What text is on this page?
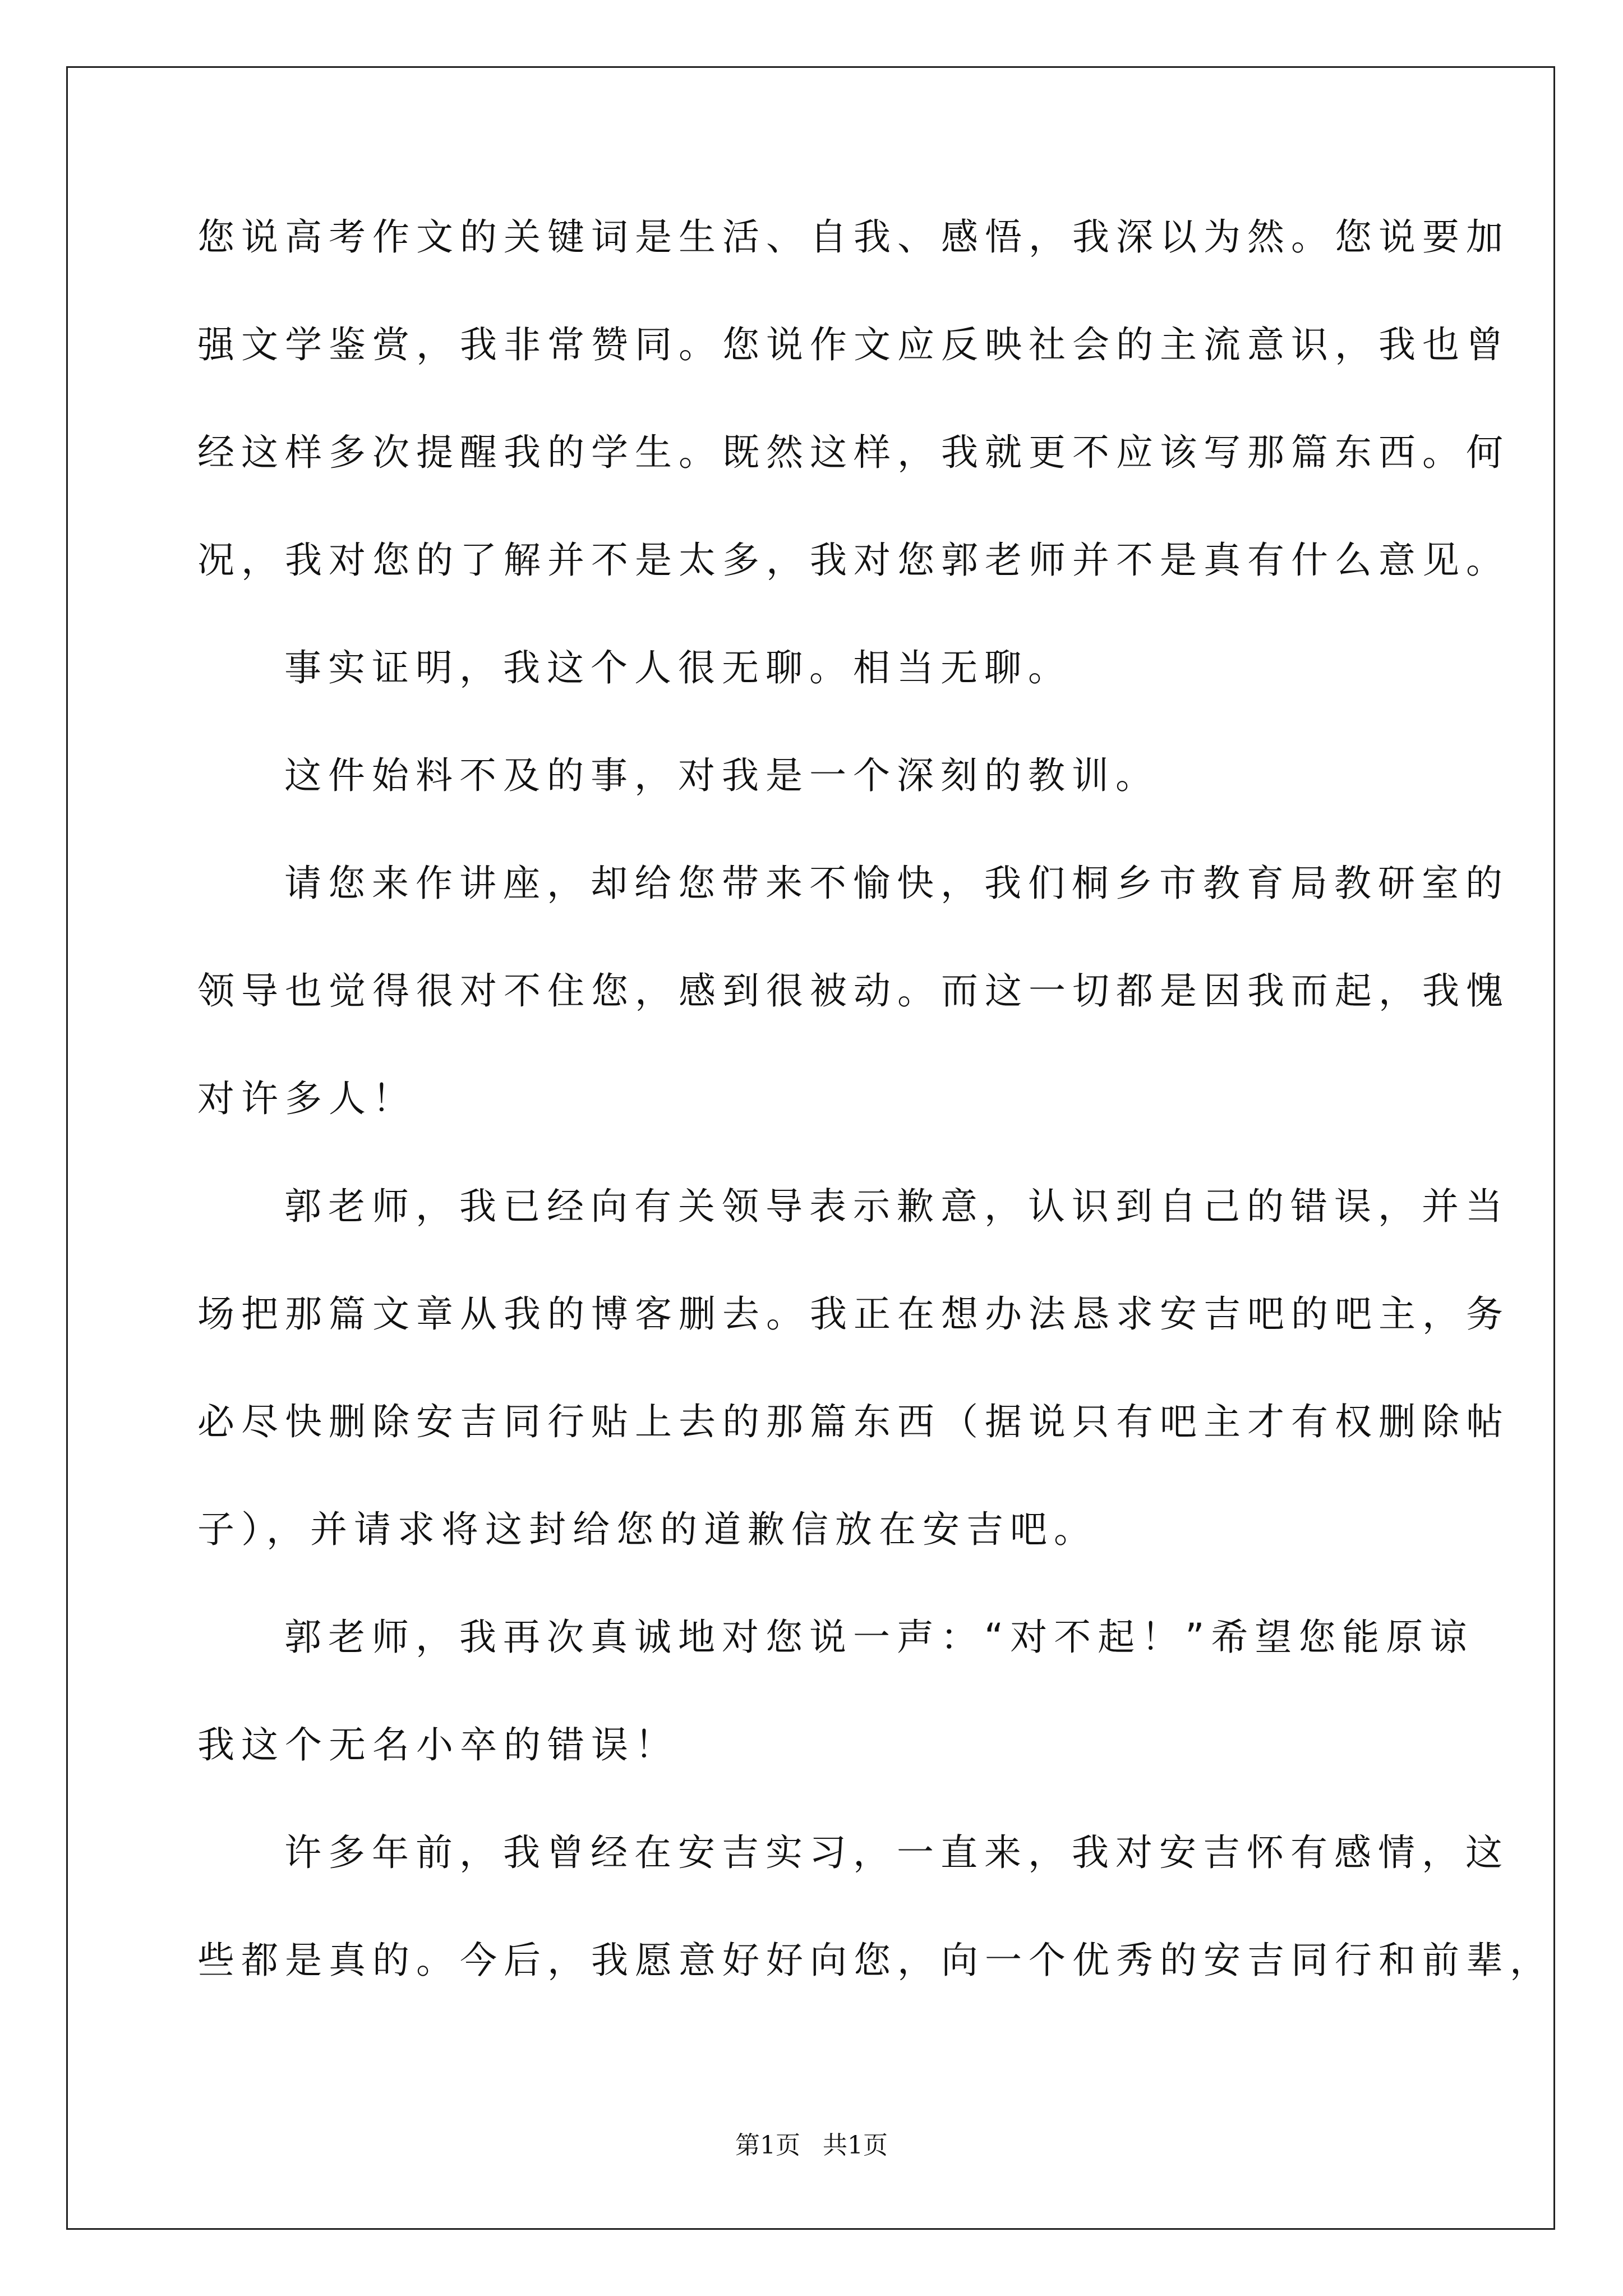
您说高考作文的关键词是生活、自我、感悟，我深以为然。您说要加
强文学鉴赏，我非常赞同。您说作文应反映社会的主流意识，我也曾
经这样多次提醒我的学生。既然这样，我就更不应该写那篇东西。何
况，我对您的了解并不是太多，我对您郭老师并不是真有什么意见。
事实证明，我这个人很无聊。相当无聊。
这件始料不及的事，对我是一个深刻的教训。
请您来作讲座，却给您带来不愉快，我们桐乡市教育局教研室的
领导也觉得很对不住您，感到很被动。而这一切都是因我而起，我愧
对许多人！
郭老师，我已经向有关领导表示歉意，认识到自己的错误，并当
场把那篇文章从我的博客删去。我正在想办法恳求安吉吧的吧主，务
必尽快删除安吉同行贴上去的那篇东西（据说只有吧主才有权删除帖
子），并请求将这封给您的道歉信放在安吉吧。
郭老师，我再次真诚地对您说一声：“对不起！”希望您能原谅
我这个无名小卒的错误！
许多年前，我曾经在安吉实习，一直来，我对安吉怀有感情，这
些都是真的。今后，我愿意好好向您，向一个优秀的安吉同行和前辈，
第1页 共1页
